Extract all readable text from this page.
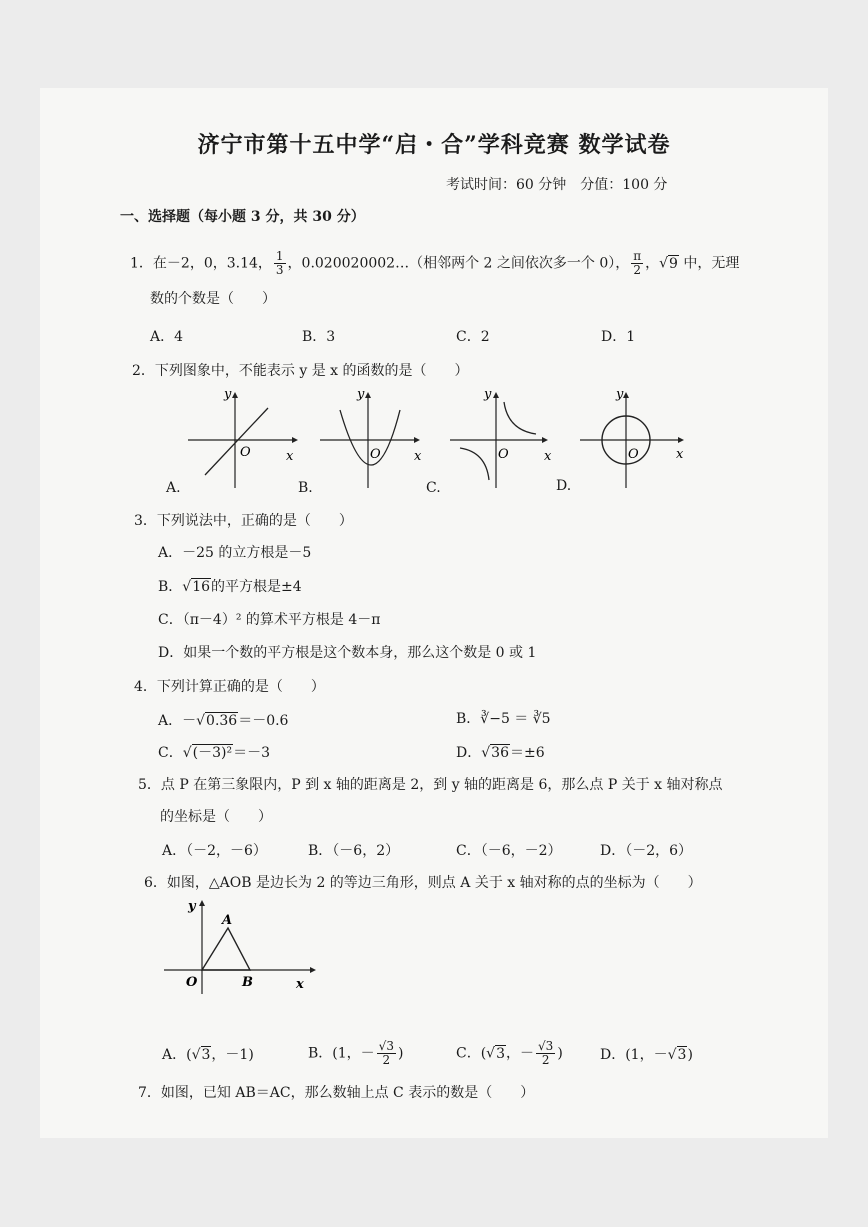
济宁市第十五中学“启・合”学科竞赛 数学试卷
考试时间：60 分钟　分值：100 分
一、选择题（每小题 3 分，共 30 分）
1．在－2，0，3.14， $\frac{1}{3}$ ，0.020020002…（相邻两个 2 之间依次多一个 0）， $\frac{\pi}{2}$ ，√9 中，无理
数的个数是（　　）
A．4	B．3	C．2	D．1
2．下列图象中，不能表示 y 是 x 的函数的是（　　）
y
x
O
y
x
O
y
x
O
y
x
O
A.	B.	C.	D.
3．下列说法中，正确的是（　　）
A．－25 的立方根是－5
B．√16的平方根是±4
C．（π－4）² 的算术平方根是 4－π
D．如果一个数的平方根是这个数本身，那么这个数是 0 或 1
4．下列计算正确的是（　　）
A．－√0.36＝－0.6	B．∛−5 ＝ ∛5
C．√(－3)²＝－3	D．√36＝±6
5．点 P 在第三象限内，P 到 x 轴的距离是 2，到 y 轴的距离是 6，那么点 P 关于 x 轴对称点
的坐标是（　　）
A．（－2，－6）	B．（－6，2）	C．（－6，－2）	D．（－2，6）
6．如图，△AOB 是边长为 2 的等边三角形，则点 A 关于 x 轴对称的点的坐标为（　　）
y
x
O
A
B
A．(√3，－1)	B．(1，－ $\frac{√3}{2}$ )	C．(√3，－ $\frac{√3}{2}$ )	D．(1，－√3)
7．如图，已知 AB＝AC，那么数轴上点 C 表示的数是（　　）
